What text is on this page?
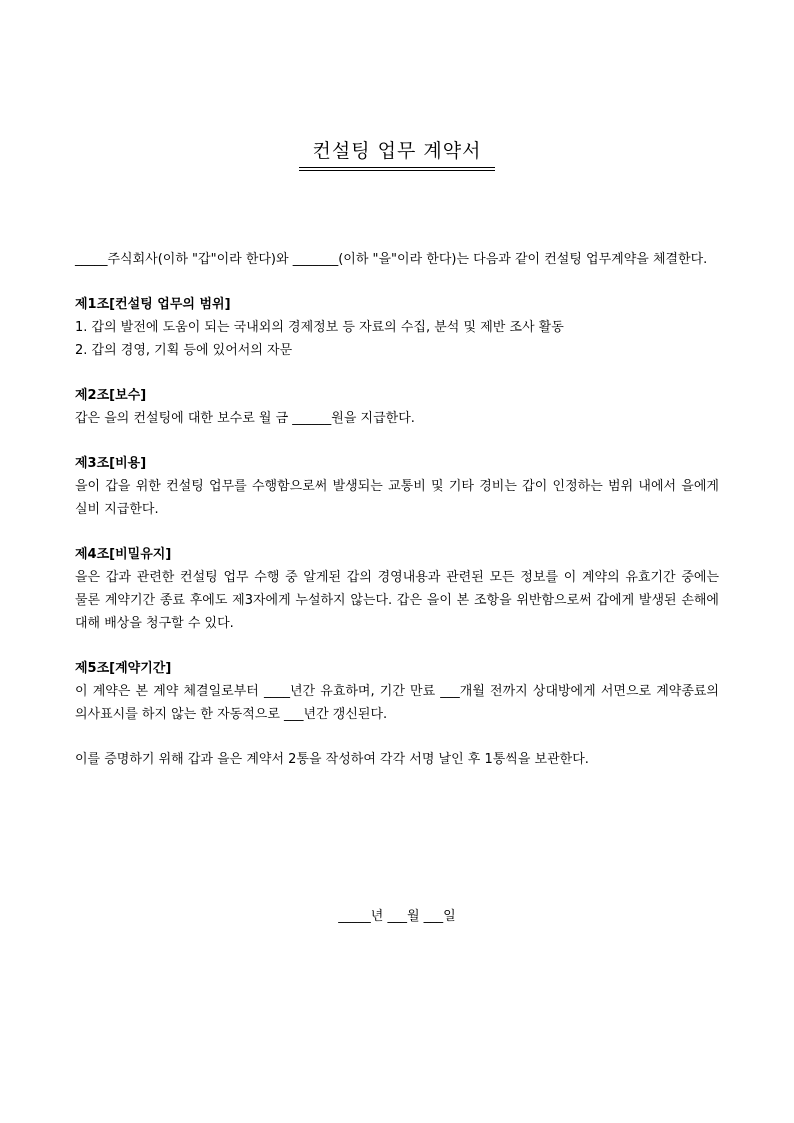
컨설팅 업무 계약서

_____주식회사(이하 "갑"이라 한다)와 _______(이하 "을"이라 한다)는 다음과 같이 컨설팅 업무계약을 체결한다.

제1조[컨설팅 업무의 범위]

1. 갑의 발전에 도움이 되는 국내외의 경제정보 등 자료의 수집, 분석 및 제반 조사 활동

2. 갑의 경영, 기획 등에 있어서의 자문

제2조[보수]

갑은 을의 컨설팅에 대한 보수로 월 금 ______원을 지급한다.

제3조[비용]

을이 갑을 위한 컨설팅 업무를 수행함으로써 발생되는 교통비 및 기타 경비는 갑이 인정하는 범위 내에서 을에게 실비 지급한다.

제4조[비밀유지]

을은 갑과 관련한 컨설팅 업무 수행 중 알게된 갑의 경영내용과 관련된 모든 정보를 이 계약의 유효기간 중에는 물론 계약기간 종료 후에도 제3자에게 누설하지 않는다. 갑은 을이 본 조항을 위반함으로써 갑에게 발생된 손해에 대해 배상을 청구할 수 있다.

제5조[계약기간]

이 계약은 본 계약 체결일로부터 ____년간 유효하며, 기간 만료 ___개월 전까지 상대방에게 서면으로 계약종료의 의사표시를 하지 않는 한 자동적으로 ___년간 갱신된다.

이를 증명하기 위해 갑과 을은 계약서 2통을 작성하여 각각 서명 날인 후 1통씩을 보관한다.

_____년 ___월 ___일
